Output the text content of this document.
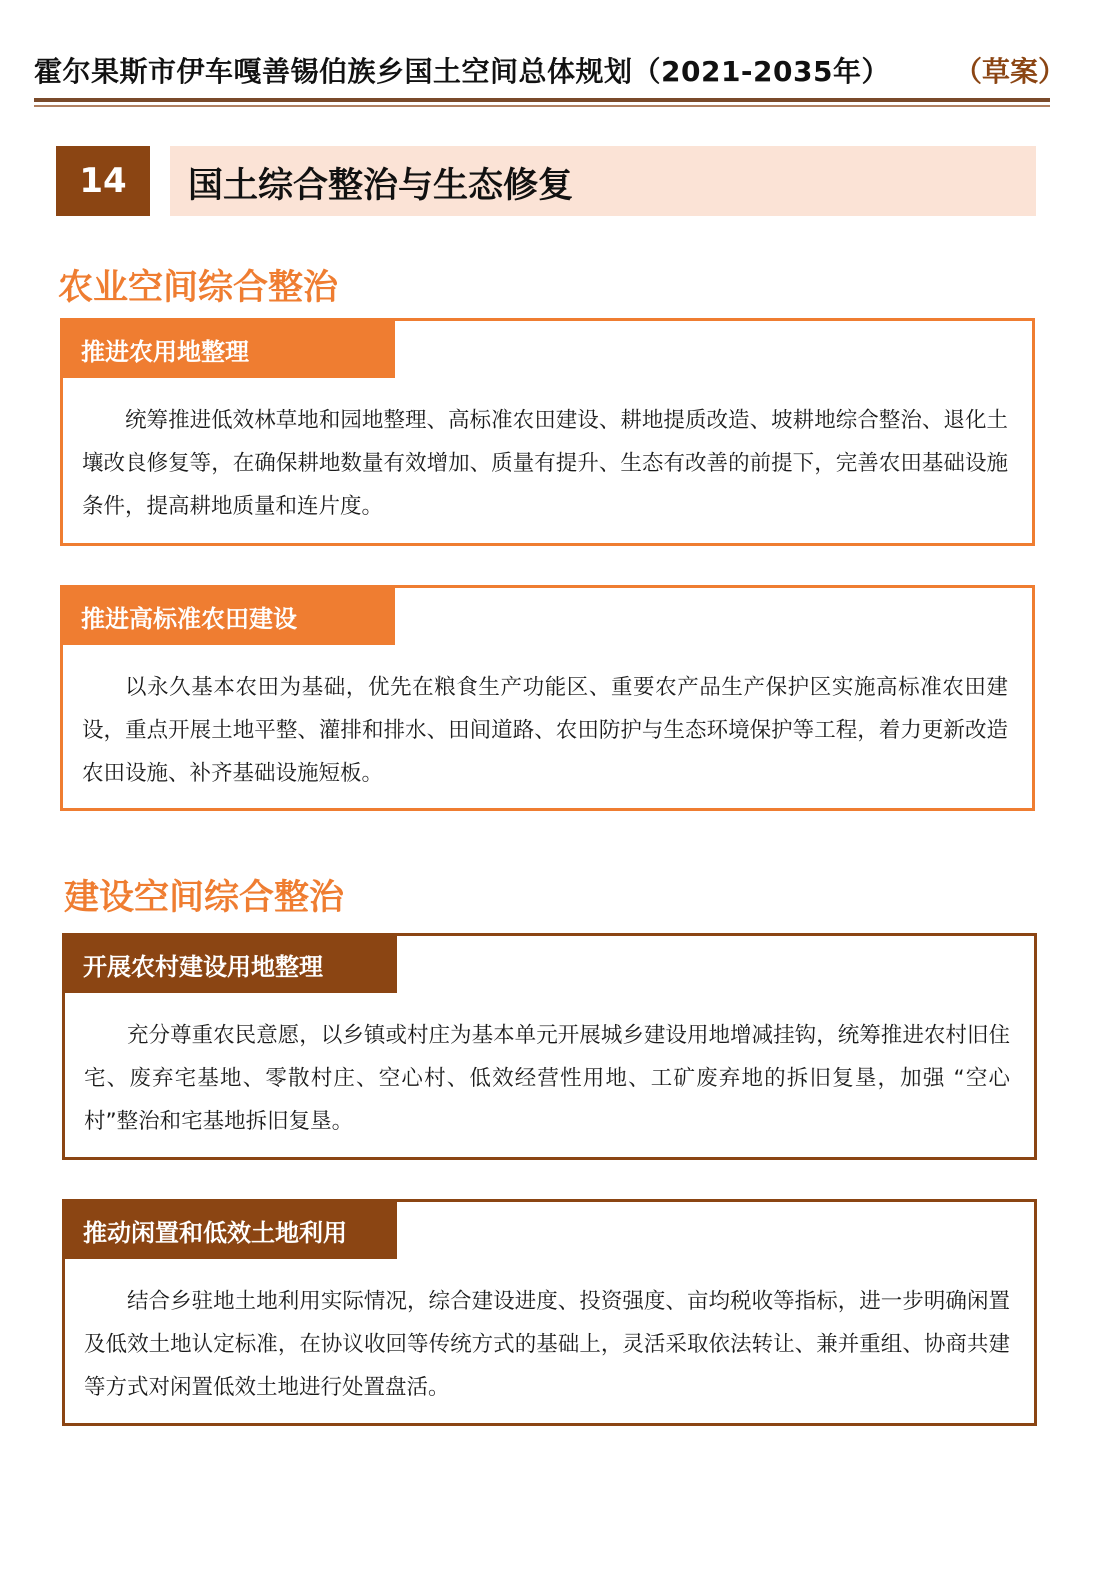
霍尔果斯市伊车嘎善锡伯族乡国土空间总体规划（2021-2035年） （草案）
14	国土综合整治与生态修复
农业空间综合整治
推进农用地整理
统筹推进低效林草地和园地整理、高标准农田建设、耕地提质改造、坡耕地综合整治、退化土壤改良修复等，在确保耕地数量有效增加、质量有提升、生态有改善的前提下，完善农田基础设施条件，提高耕地质量和连片度。
推进高标准农田建设
以永久基本农田为基础，优先在粮食生产功能区、重要农产品生产保护区实施高标准农田建设，重点开展土地平整、灌排和排水、田间道路、农田防护与生态环境保护等工程，着力更新改造农田设施、补齐基础设施短板。
建设空间综合整治
开展农村建设用地整理
充分尊重农民意愿，以乡镇或村庄为基本单元开展城乡建设用地增减挂钩，统筹推进农村旧住宅、废弃宅基地、零散村庄、空心村、低效经营性用地、工矿废弃地的拆旧复垦，加强 “空心村”整治和宅基地拆旧复垦。
推动闲置和低效土地利用
结合乡驻地土地利用实际情况，综合建设进度、投资强度、亩均税收等指标，进一步明确闲置及低效土地认定标准，在协议收回等传统方式的基础上，灵活采取依法转让、兼并重组、协商共建等方式对闲置低效土地进行处置盘活。
